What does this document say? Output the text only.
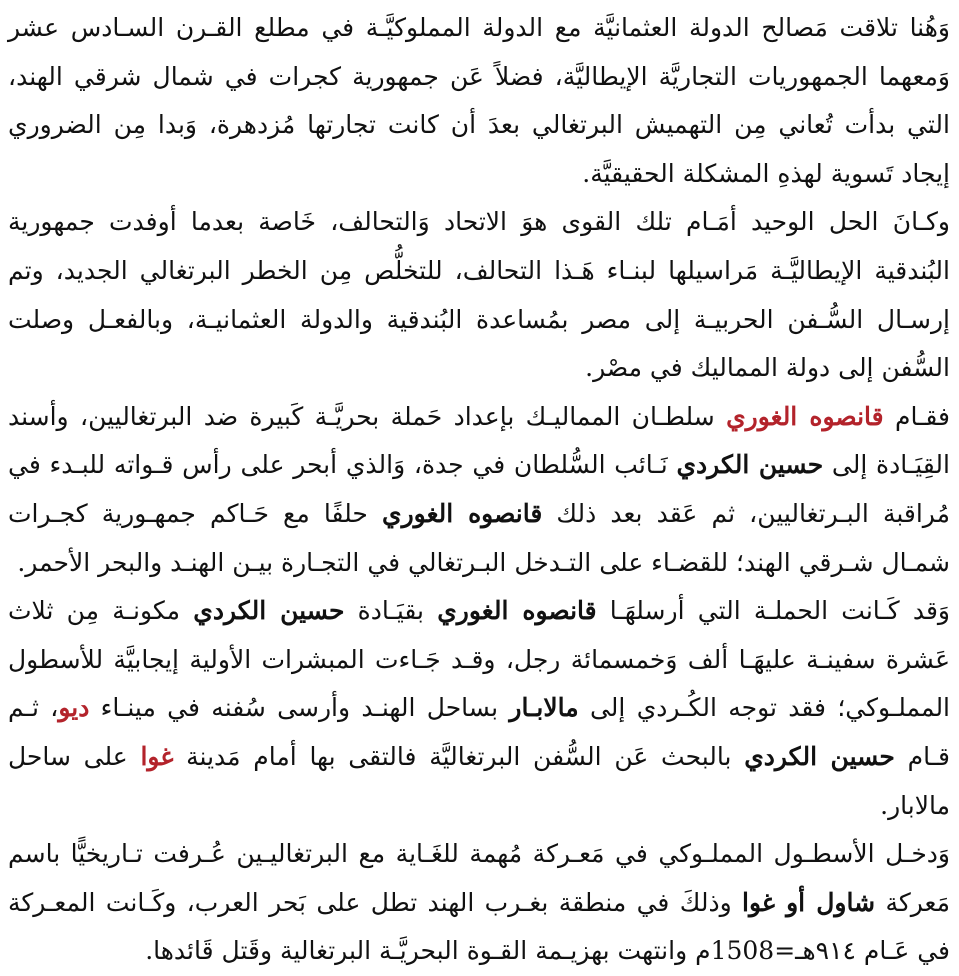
وَهُنا تلاقت مَصالح الدولة العثمانيَّة مع الدولة المملوكيَّـة في مطلع القـرن السـادس عشر وَمعهما الجمهوريات التجاريَّة الإيطاليَّة، فضلاً عَن جمهورية كجرات في شمال شرقي الهند، التي بدأت تُعاني مِن التهميش البرتغالي بعدَ أن كانت تجارتها مُزدهرة، وَبدا مِن الضروري إيجاد تَسوية لهذهِ المشكلة الحقيقيَّة.

وكـانَ الحل الوحيد أمَـام تلك القوى هوَ الاتحاد وَالتحالف، خَاصة بعدما أوفدت جمهورية البُندقية الإيطاليَّـة مَراسيلها لبنـاء هَـذا التحالف، للتخلُّص مِن الخطر البرتغالي الجديد، وتم إرسـال السُّـفن الحربيـة إلى مصر بمُساعدة البُندقية والدولة العثمانيـة، وبالفعـل وصلت السُّفن إلى دولة المماليك في مصْر.

فقـام قانصوه الغوري سلطـان المماليـك بإعداد حَملة بحريَّـة كَبيرة ضد البرتغاليين، وأسند القِيَـادة إلى حسين الكردي نَـائب السُّلطان في جدة، وَالذي أبحر على رأس قـواته للبـدء في مُراقبة البـرتغاليين، ثم عَقد بعد ذلك قانصوه الغوري حلفًا مع حَـاكم جمهـورية كجـرات شمـال شـرقي الهند؛ للقضـاء على التـدخل البـرتغالي في التجـارة بيـن الهنـد والبحر الأحمر.

وَقد كَـانت الحملـة التي أرسلهَـا قانصوه الغوري بقيَـادة حسين الكردي مكونـة مِن ثلاث عَشرة سفينـة عليهَـا ألف وَخمسمائة رجل، وقـد جَـاءت المبشرات الأولية إيجابيَّة للأسطول المملـوكي؛ فقد توجه الكُـردي إلى مالابـار بساحل الهنـد وأرسى سُفنه في مينـاء ديو، ثـم قـام حسين الكردي بالبحث عَن السُّفن البرتغاليَّة فالتقى بها أمام مَدينة غوا على ساحل مالابار.

وَدخـل الأسطـول المملـوكي في مَعـركة مُهمة للغَـاية مع البرتغاليـين عُـرفت تـاريخيًّا باسم مَعركة شاول أو غوا وذلكَ في منطقة بغـرب الهند تطل على بَحر العرب، وكَـانت المعـركة في عَـام ٩١٤هـ=1508م وانتهت بهزيـمة القـوة البحريَّـة البرتغالية وقَتل قَائدها.
